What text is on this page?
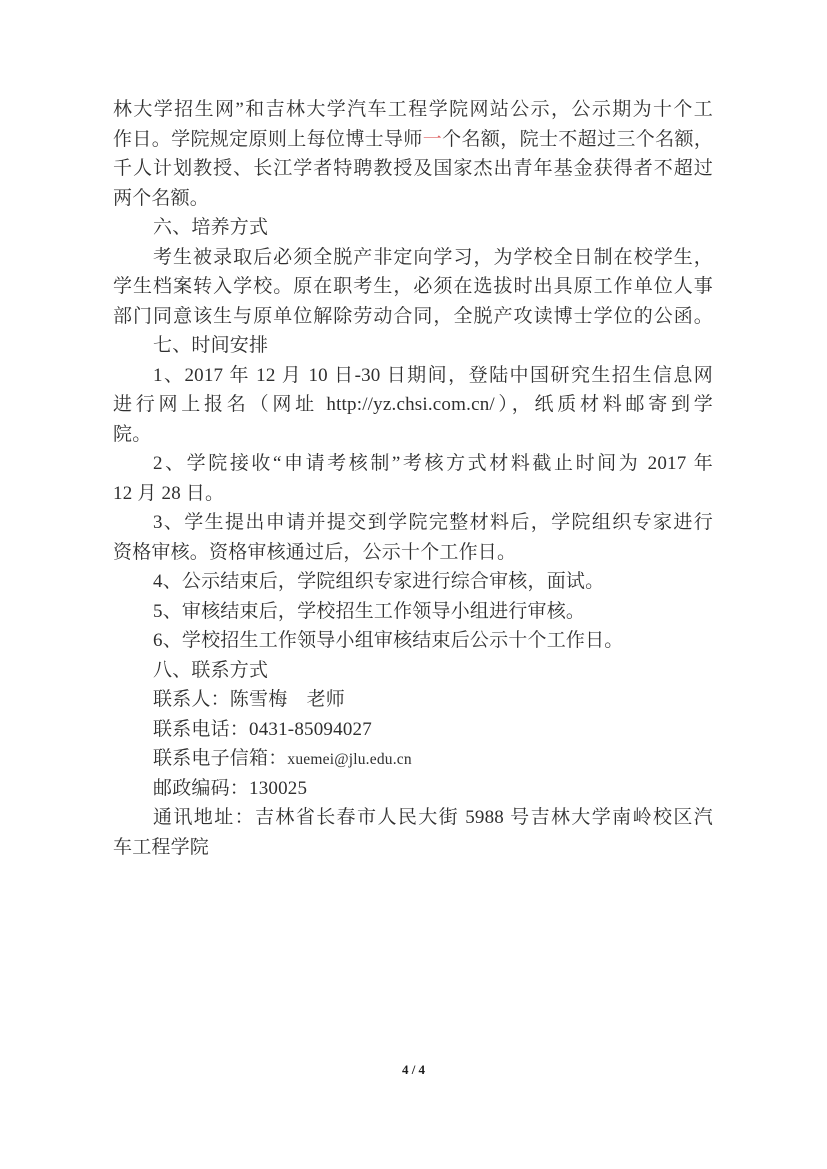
林大学招生网”和吉林大学汽车工程学院网站公示，公示期为十个工
作日。学院规定原则上每位博士导师一个名额，院士不超过三个名额，
千人计划教授、长江学者特聘教授及国家杰出青年基金获得者不超过
两个名额。
六、培养方式
考生被录取后必须全脱产非定向学习，为学校全日制在校学生，
学生档案转入学校。原在职考生，必须在选拔时出具原工作单位人事
部门同意该生与原单位解除劳动合同，全脱产攻读博士学位的公函。
七、时间安排
1、2017 年 12 月 10 日-30 日期间，登陆中国研究生招生信息网
进行网上报名（网址 http://yz.chsi.com.cn/），纸质材料邮寄到学
院。
2、学院接收“申请考核制”考核方式材料截止时间为 2017 年
12 月 28 日。
3、学生提出申请并提交到学院完整材料后，学院组织专家进行
资格审核。资格审核通过后，公示十个工作日。
4、公示结束后，学院组织专家进行综合审核，面试。
5、审核结束后，学校招生工作领导小组进行审核。
6、学校招生工作领导小组审核结束后公示十个工作日。
八、联系方式
联系人：陈雪梅　老师
联系电话：0431-85094027
联系电子信箱：xuemei@jlu.edu.cn
邮政编码：130025
通讯地址：吉林省长春市人民大街 5988 号吉林大学南岭校区汽
车工程学院
4 / 4
